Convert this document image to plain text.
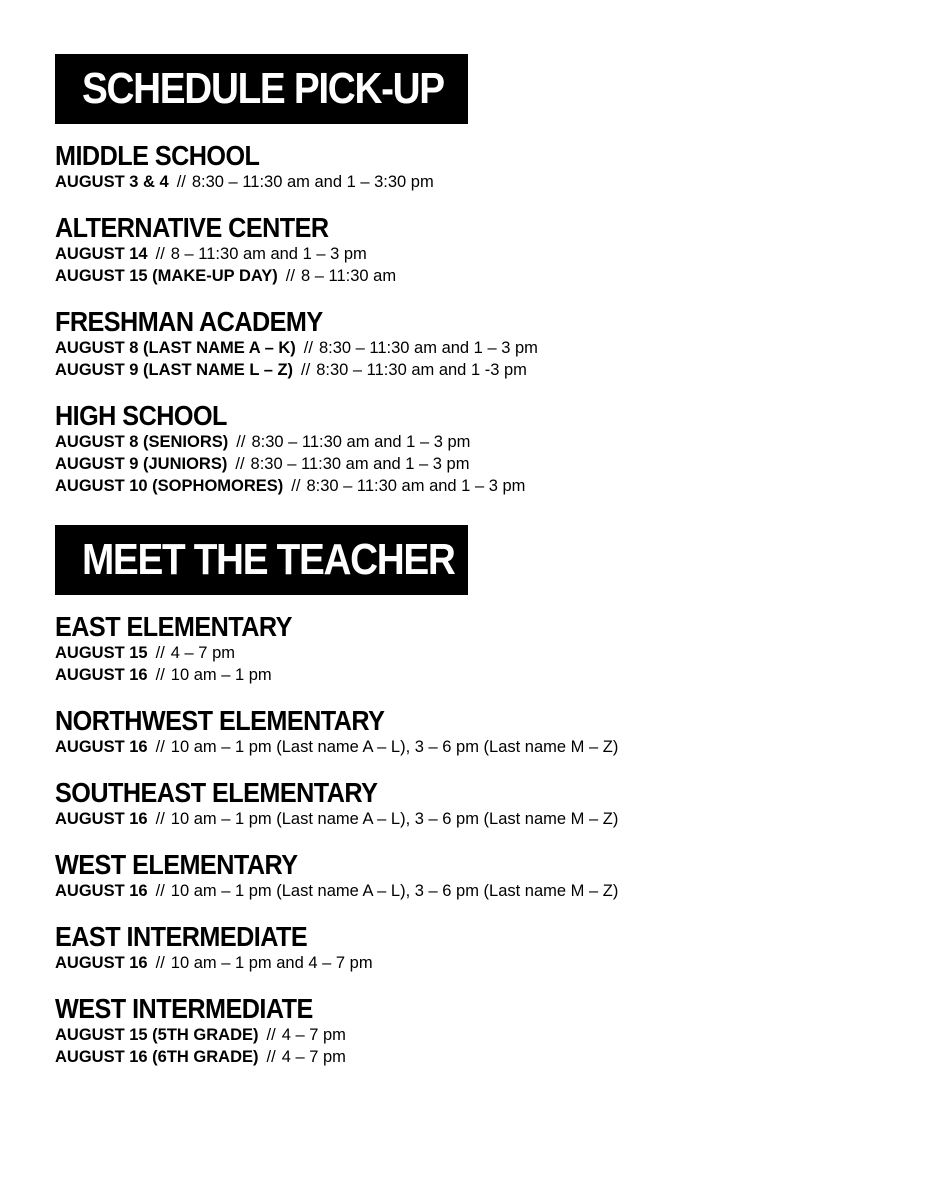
SCHEDULE PICK-UP
MIDDLE SCHOOL
AUGUST 3 & 4 // 8:30 – 11:30 am and 1 – 3:30 pm
ALTERNATIVE CENTER
AUGUST 14 // 8 – 11:30 am and 1 – 3 pm
AUGUST 15 (MAKE-UP DAY) // 8 – 11:30 am
FRESHMAN ACADEMY
AUGUST 8 (LAST NAME A – K) // 8:30 – 11:30 am and 1 – 3 pm
AUGUST 9 (LAST NAME L – Z) // 8:30 – 11:30 am and 1 -3 pm
HIGH SCHOOL
AUGUST 8 (SENIORS) // 8:30 – 11:30 am and 1 – 3 pm
AUGUST 9 (JUNIORS) // 8:30 – 11:30 am and 1 – 3 pm
AUGUST 10 (SOPHOMORES) // 8:30 – 11:30 am and 1 – 3 pm
MEET THE TEACHER
EAST ELEMENTARY
AUGUST 15 // 4 – 7 pm
AUGUST 16 // 10 am – 1 pm
NORTHWEST ELEMENTARY
AUGUST 16 // 10 am – 1 pm (Last name A – L), 3 – 6 pm (Last name M – Z)
SOUTHEAST ELEMENTARY
AUGUST 16 // 10 am – 1 pm (Last name A – L), 3 – 6 pm (Last name M – Z)
WEST ELEMENTARY
AUGUST 16 // 10 am – 1 pm (Last name A – L), 3 – 6 pm (Last name M – Z)
EAST INTERMEDIATE
AUGUST 16 // 10 am – 1 pm and 4 – 7 pm
WEST INTERMEDIATE
AUGUST 15 (5TH GRADE) // 4 – 7 pm
AUGUST 16 (6TH GRADE) // 4 – 7 pm
